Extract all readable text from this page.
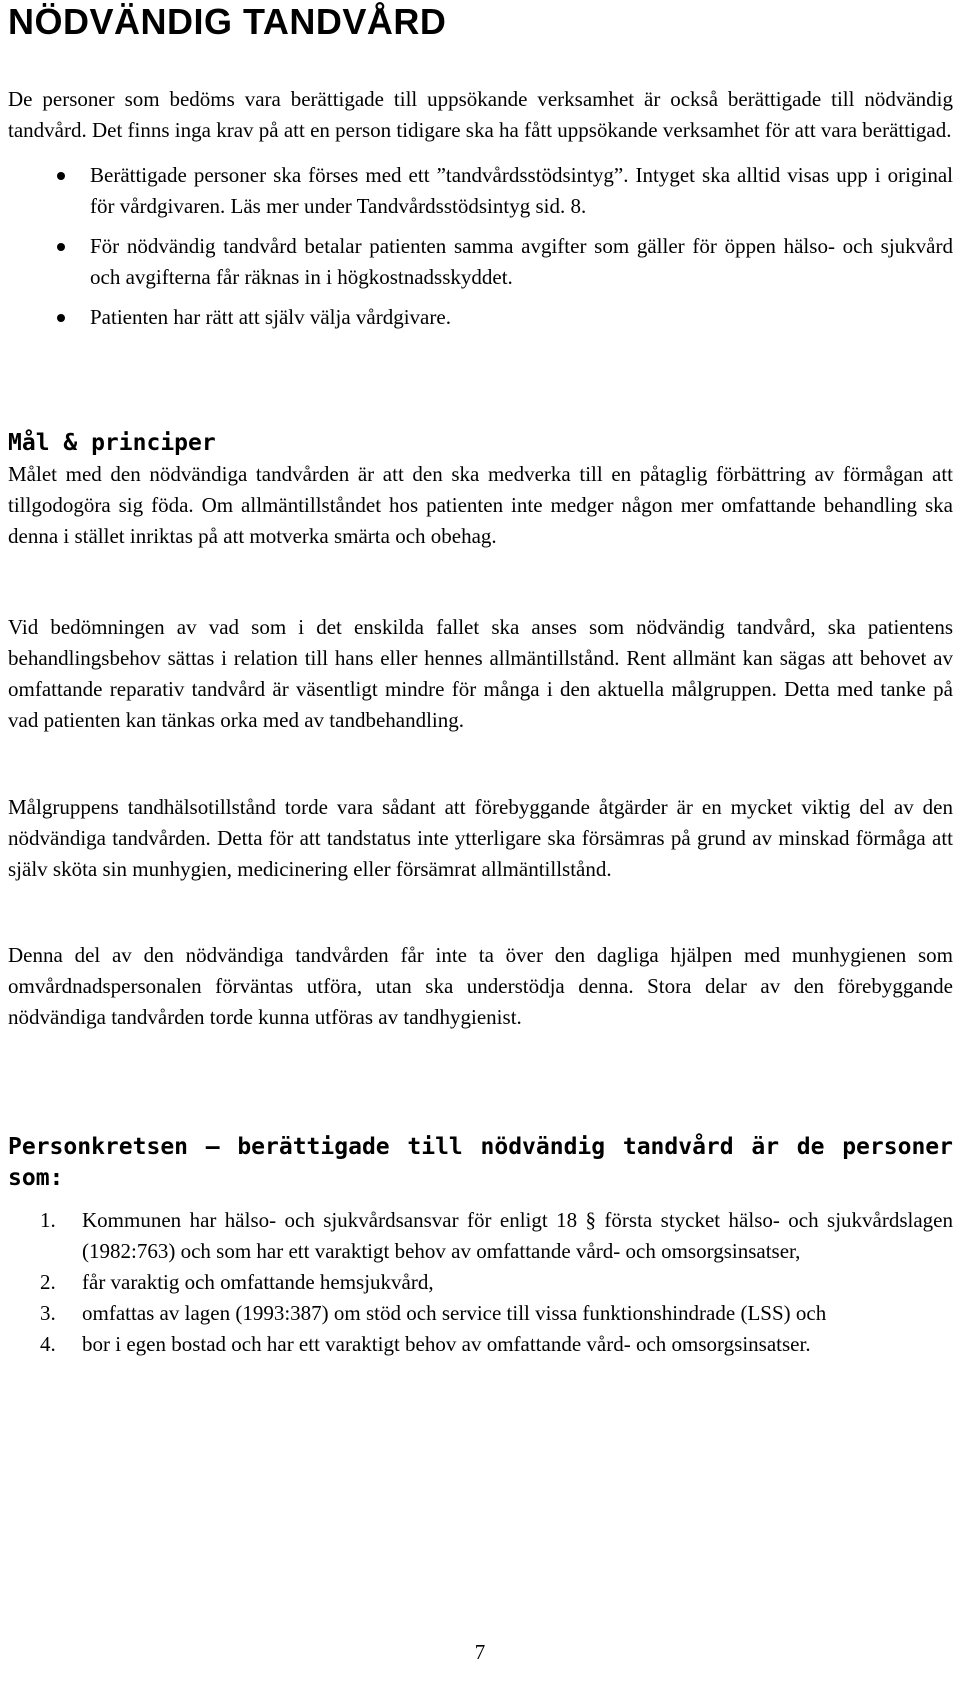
NÖDVÄNDIG TANDVÅRD

De personer som bedöms vara berättigade till uppsökande verksamhet är också berättigade till nödvändig tandvård. Det finns inga krav på att en person tidigare ska ha fått uppsökande verksamhet för att vara berättigad.

Berättigade personer ska förses med ett ”tandvårdsstödsintyg”. Intyget ska alltid visas upp i original för vårdgivaren. Läs mer under Tandvårdsstödsintyg sid. 8.
För nödvändig tandvård betalar patienten samma avgifter som gäller för öppen hälso- och sjukvård och avgifterna får räknas in i högkostnadsskyddet.
Patienten har rätt att själv välja vårdgivare.
Mål & principer

Målet med den nödvändiga tandvården är att den ska medverka till en påtaglig förbättring av förmågan att tillgodogöra sig föda. Om allmäntillståndet hos patienten inte medger någon mer omfattande behandling ska denna i stället inriktas på att motverka smärta och obehag.

Vid bedömningen av vad som i det enskilda fallet ska anses som nödvändig tandvård, ska patientens behandlingsbehov sättas i relation till hans eller hennes allmäntillstånd. Rent allmänt kan sägas att behovet av omfattande reparativ tandvård är väsentligt mindre för många i den aktuella målgruppen. Detta med tanke på vad patienten kan tänkas orka med av tandbehandling.

Målgruppens tandhälsotillstånd torde vara sådant att förebyggande åtgärder är en mycket viktig del av den nödvändiga tandvården. Detta för att tandstatus inte ytterligare ska försämras på grund av minskad förmåga att själv sköta sin munhygien, medicinering eller försämrat allmäntillstånd.

Denna del av den nödvändiga tandvården får inte ta över den dagliga hjälpen med munhygienen som omvårdnadspersonalen förväntas utföra, utan ska understödja denna. Stora delar av den förebyggande nödvändiga tandvården torde kunna utföras av tandhygienist.

Personkretsen – berättigade till nödvändig tandvård är de personer som:
1. Kommunen har hälso- och sjukvårdsansvar för enligt 18 § första stycket hälso- och sjukvårdslagen (1982:763) och som har ett varaktigt behov av omfattande vård- och omsorgsinsatser,
2. får varaktig och omfattande hemsjukvård,
3. omfattas av lagen (1993:387) om stöd och service till vissa funktionshindrade (LSS) och
4. bor i egen bostad och har ett varaktigt behov av omfattande vård- och omsorgsinsatser.
7
